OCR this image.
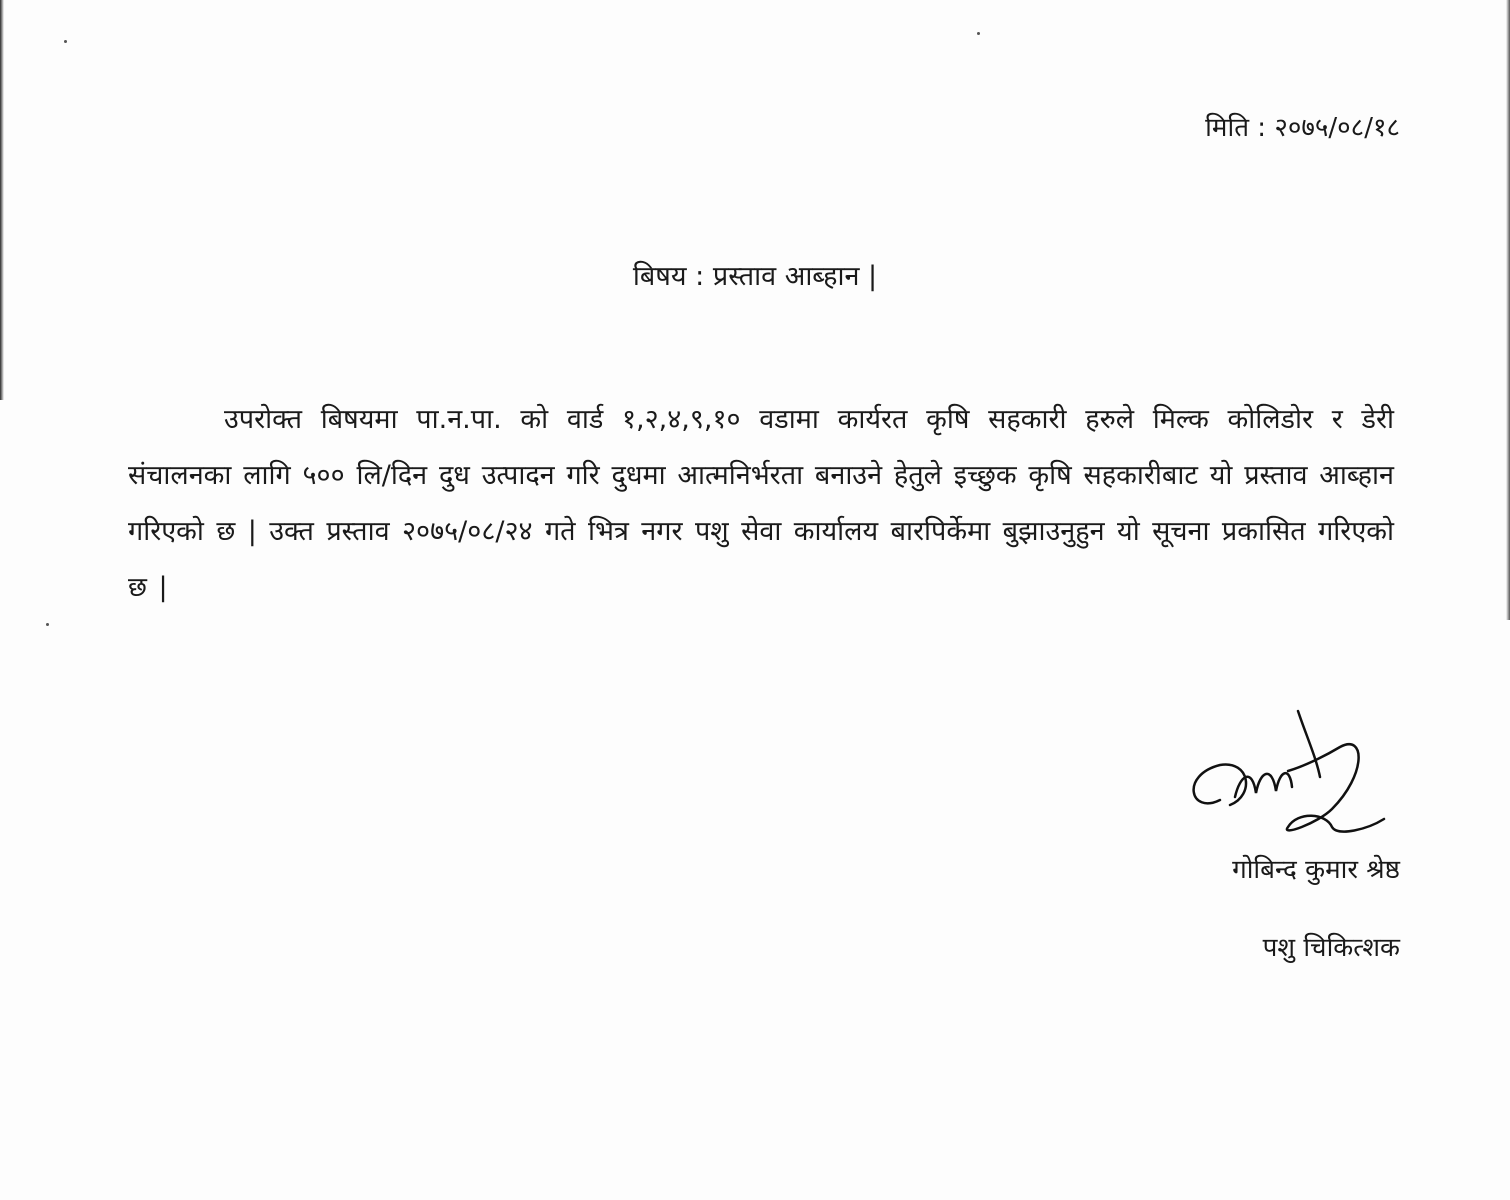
मिति : २०७५/०८/१८
बिषय : प्रस्ताव आब्हान |

उपरोक्त बिषयमा पा.न.पा. को वार्ड १,२,४,९,१० वडामा कार्यरत कृषि सहकारी हरुले मिल्क कोलिडोर र डेरी संचालनका लागि ५०० लि/दिन दुध उत्पादन गरि दुधमा आत्मनिर्भरता बनाउने हेतुले इच्छुक कृषि सहकारीबाट यो प्रस्ताव आब्हान गरिएको छ | उक्त प्रस्ताव २०७५/०८/२४ गते भित्र नगर पशु सेवा कार्यालय बारपिर्केमा बुझाउनुहुन यो सूचना प्रकासित गरिएको छ |

गोबिन्द कुमार श्रेष्ठ
पशु चिकित्शक
